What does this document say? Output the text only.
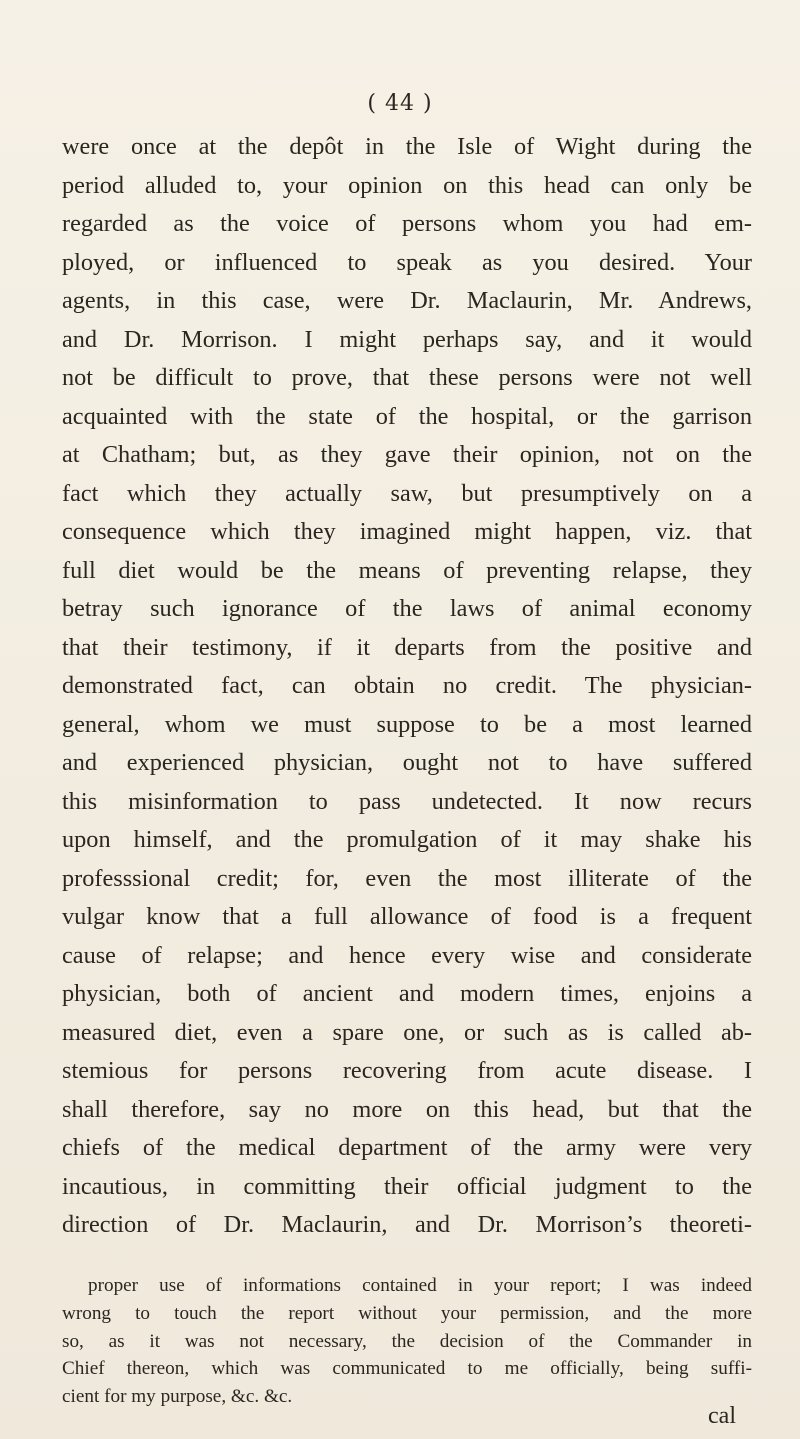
( 44 )
were once at the depôt in the Isle of Wight during the
period alluded to, your opinion on this head can only be
regarded as the voice of persons whom you had em-
ployed, or influenced to speak as you desired. Your
agents, in this case, were Dr. Maclaurin, Mr. Andrews,
and Dr. Morrison. I might perhaps say, and it would
not be difficult to prove, that these persons were not well
acquainted with the state of the hospital, or the garrison
at Chatham; but, as they gave their opinion, not on the
fact which they actually saw, but presumptively on a
consequence which they imagined might happen, viz. that
full diet would be the means of preventing relapse, they
betray such ignorance of the laws of animal economy
that their testimony, if it departs from the positive and
demonstrated fact, can obtain no credit. The physician-
general, whom we must suppose to be a most learned
and experienced physician, ought not to have suffered
this misinformation to pass undetected. It now recurs
upon himself, and the promulgation of it may shake his
professsional credit; for, even the most illiterate of the
vulgar know that a full allowance of food is a frequent
cause of relapse; and hence every wise and considerate
physician, both of ancient and modern times, enjoins a
measured diet, even a spare one, or such as is called ab-
stemious for persons recovering from acute disease. I
shall therefore, say no more on this head, but that the
chiefs of the medical department of the army were very
incautious, in committing their official judgment to the
direction of Dr. Maclaurin, and Dr. Morrison’s theoreti-
proper use of informations contained in your report; I was indeed
wrong to touch the report without your permission, and the more
so, as it was not necessary, the decision of the Commander in
Chief thereon, which was communicated to me officially, being suffi-
cient for my purpose, &c. &c.
cal
